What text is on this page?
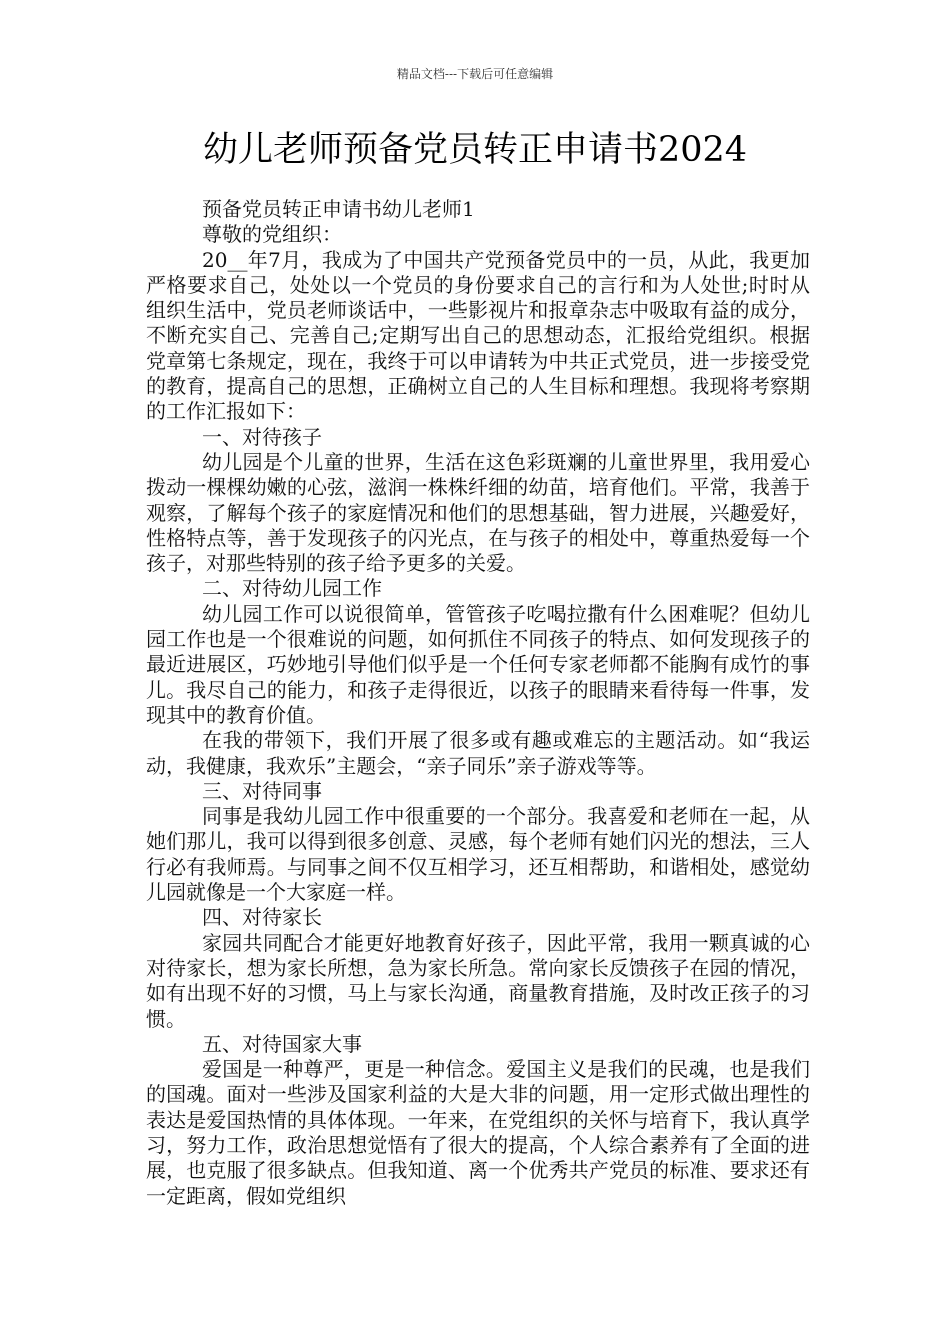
精品文档---下载后可任意编辑
幼儿老师预备党员转正申请书2024

预备党员转正申请书幼儿老师1

尊敬的党组织：

20__年7月，我成为了中国共产党预备党员中的一员，从此，我更加严格要求自己，处处以一个党员的身份要求自己的言行和为人处世;时时从组织生活中，党员老师谈话中，一些影视片和报章杂志中吸取有益的成分，不断充实自己、完善自己;定期写出自己的思想动态，汇报给党组织。根据党章第七条规定，现在，我终于可以申请转为中共正式党员，进一步接受党的教育，提高自己的思想，正确树立自己的人生目标和理想。我现将考察期的工作汇报如下：

一、对待孩子

幼儿园是个儿童的世界，生活在这色彩斑斓的儿童世界里，我用爱心拨动一棵棵幼嫩的心弦，滋润一株株纤细的幼苗，培育他们。平常，我善于观察，了解每个孩子的家庭情况和他们的思想基础，智力进展，兴趣爱好，性格特点等，善于发现孩子的闪光点，在与孩子的相处中，尊重热爱每一个孩子，对那些特别的孩子给予更多的关爱。

二、对待幼儿园工作

幼儿园工作可以说很简单，管管孩子吃喝拉撒有什么困难呢？但幼儿园工作也是一个很难说的问题，如何抓住不同孩子的特点、如何发现孩子的最近进展区，巧妙地引导他们似乎是一个任何专家老师都不能胸有成竹的事儿。我尽自己的能力，和孩子走得很近，以孩子的眼睛来看待每一件事，发现其中的教育价值。

在我的带领下，我们开展了很多或有趣或难忘的主题活动。如“我运动，我健康，我欢乐”主题会，“亲子同乐”亲子游戏等等。

三、对待同事

同事是我幼儿园工作中很重要的一个部分。我喜爱和老师在一起，从她们那儿，我可以得到很多创意、灵感，每个老师有她们闪光的想法，三人行必有我师焉。与同事之间不仅互相学习，还互相帮助，和谐相处，感觉幼儿园就像是一个大家庭一样。

四、对待家长

家园共同配合才能更好地教育好孩子，因此平常，我用一颗真诚的心对待家长，想为家长所想，急为家长所急。常向家长反馈孩子在园的情况，如有出现不好的习惯，马上与家长沟通，商量教育措施，及时改正孩子的习惯。

五、对待国家大事

爱国是一种尊严，更是一种信念。爱国主义是我们的民魂，也是我们的国魂。面对一些涉及国家利益的大是大非的问题，用一定形式做出理性的表达是爱国热情的具体体现。一年来，在党组织的关怀与培育下，我认真学习，努力工作，政治思想觉悟有了很大的提高，个人综合素养有了全面的进展，也克服了很多缺点。但我知道、离一个优秀共产党员的标准、要求还有一定距离，假如党组织
